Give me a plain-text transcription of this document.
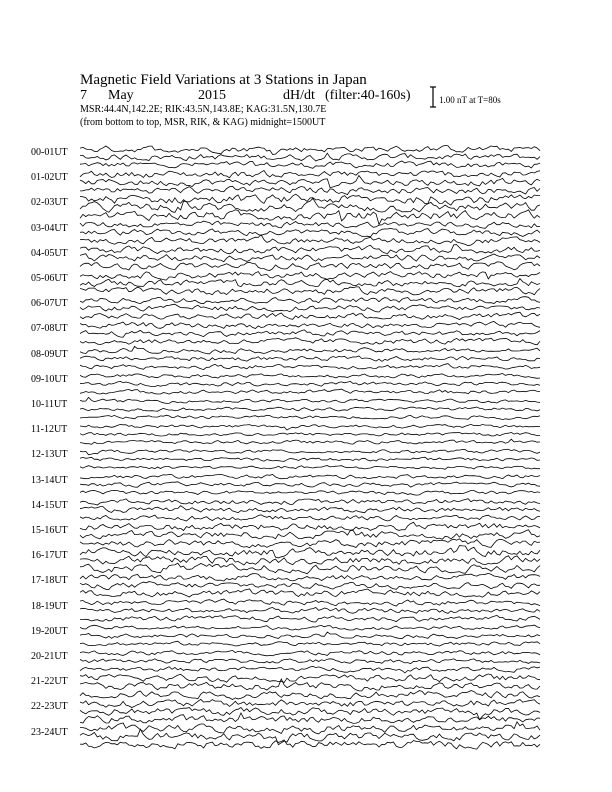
Magnetic Field Variations at 3 Stations in Japan
7 May	2015	dH/dt (filter:40-160s)
MSR:44.4N,142.2E; RIK:43.5N,143.8E; KAG:31.5N,130.7E
(from bottom to top, MSR, RIK, & KAG) midnight=1500UT
1.00 nT at T=80s
00-01UT
01-02UT
02-03UT
03-04UT
04-05UT
05-06UT
06-07UT
07-08UT
08-09UT
09-10UT
10-11UT
11-12UT
12-13UT
13-14UT
14-15UT
15-16UT
16-17UT
17-18UT
18-19UT
19-20UT
20-21UT
21-22UT
22-23UT
23-24UT
